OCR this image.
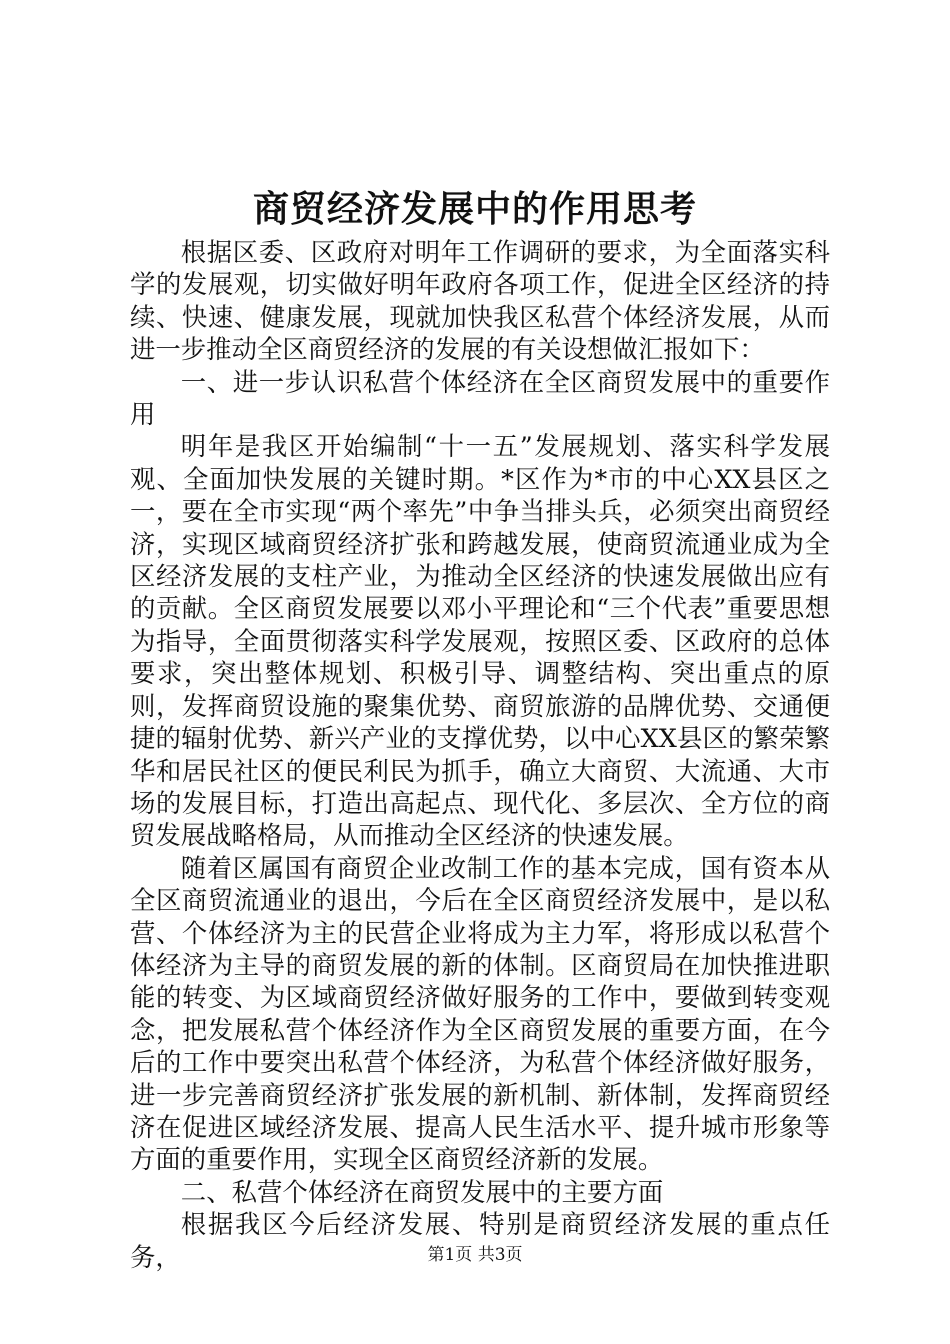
商贸经济发展中的作用思考

根据区委、区政府对明年工作调研的要求，为全面落实科学的发展观，切实做好明年政府各项工作，促进全区经济的持续、快速、健康发展，现就加快我区私营个体经济发展，从而进一步推动全区商贸经济的发展的有关设想做汇报如下：

一、进一步认识私营个体经济在全区商贸发展中的重要作用

明年是我区开始编制“十一五”发展规划、落实科学发展观、全面加快发展的关键时期。*区作为*市的中心XX县区之一，要在全市实现“两个率先”中争当排头兵，必须突出商贸经济，实现区域商贸经济扩张和跨越发展，使商贸流通业成为全区经济发展的支柱产业，为推动全区经济的快速发展做出应有的贡献。全区商贸发展要以邓小平理论和“三个代表”重要思想为指导，全面贯彻落实科学发展观，按照区委、区政府的总体要求，突出整体规划、积极引导、调整结构、突出重点的原则，发挥商贸设施的聚集优势、商贸旅游的品牌优势、交通便捷的辐射优势、新兴产业的支撑优势，以中心XX县区的繁荣繁华和居民社区的便民利民为抓手，确立大商贸、大流通、大市场的发展目标，打造出高起点、现代化、多层次、全方位的商贸发展战略格局，从而推动全区经济的快速发展。

随着区属国有商贸企业改制工作的基本完成，国有资本从全区商贸流通业的退出，今后在全区商贸经济发展中，是以私营、个体经济为主的民营企业将成为主力军，将形成以私营个体经济为主导的商贸发展的新的体制。区商贸局在加快推进职能的转变、为区域商贸经济做好服务的工作中，要做到转变观念，把发展私营个体经济作为全区商贸发展的重要方面，在今后的工作中要突出私营个体经济，为私营个体经济做好服务，进一步完善商贸经济扩张发展的新机制、新体制，发挥商贸经济在促进区域经济发展、提高人民生活水平、提升城市形象等方面的重要作用，实现全区商贸经济新的发展。

二、私营个体经济在商贸发展中的主要方面

根据我区今后经济发展、特别是商贸经济发展的重点任务，	第1页 共3页
